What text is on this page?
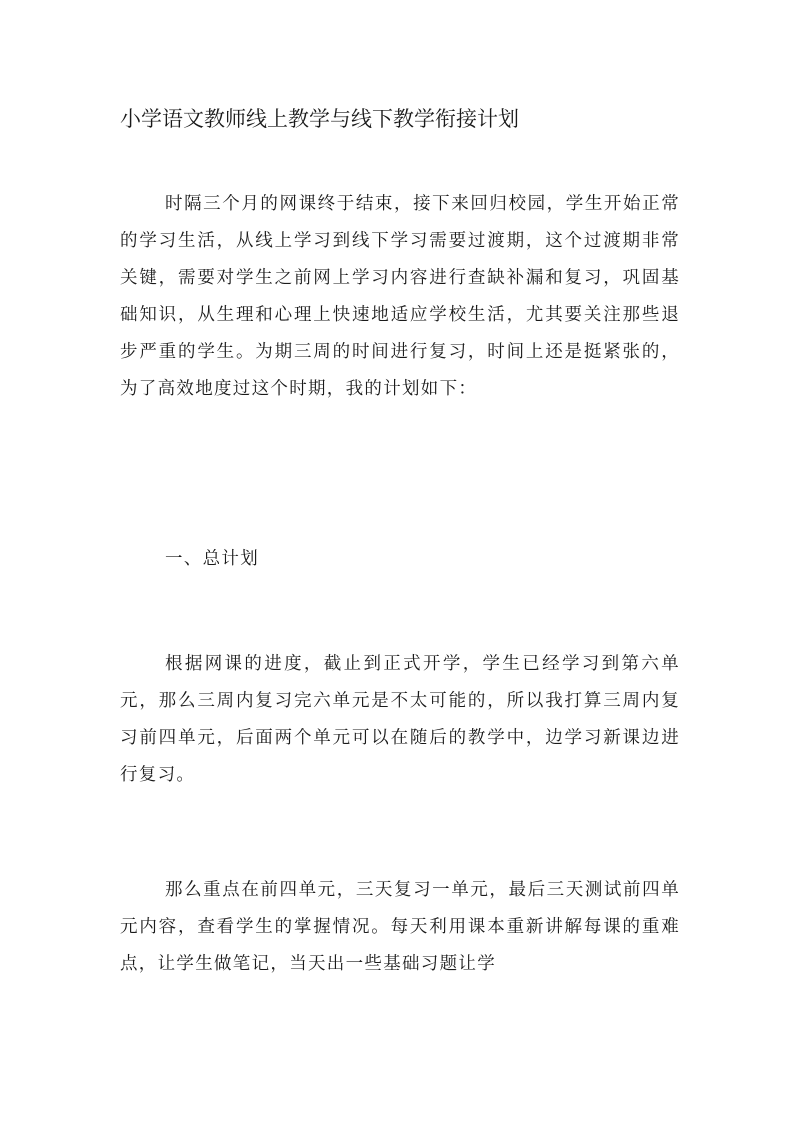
小学语文教师线上教学与线下教学衔接计划
时隔三个月的网课终于结束，接下来回归校园，学生开始正常的学习生活，从线上学习到线下学习需要过渡期，这个过渡期非常关键，需要对学生之前网上学习内容进行查缺补漏和复习，巩固基础知识，从生理和心理上快速地适应学校生活，尤其要关注那些退步严重的学生。为期三周的时间进行复习，时间上还是挺紧张的，为了高效地度过这个时期，我的计划如下：
一、总计划
根据网课的进度，截止到正式开学，学生已经学习到第六单元，那么三周内复习完六单元是不太可能的，所以我打算三周内复习前四单元，后面两个单元可以在随后的教学中，边学习新课边进行复习。
那么重点在前四单元，三天复习一单元，最后三天测试前四单元内容，查看学生的掌握情况。每天利用课本重新讲解每课的重难点，让学生做笔记，当天出一些基础习题让学
